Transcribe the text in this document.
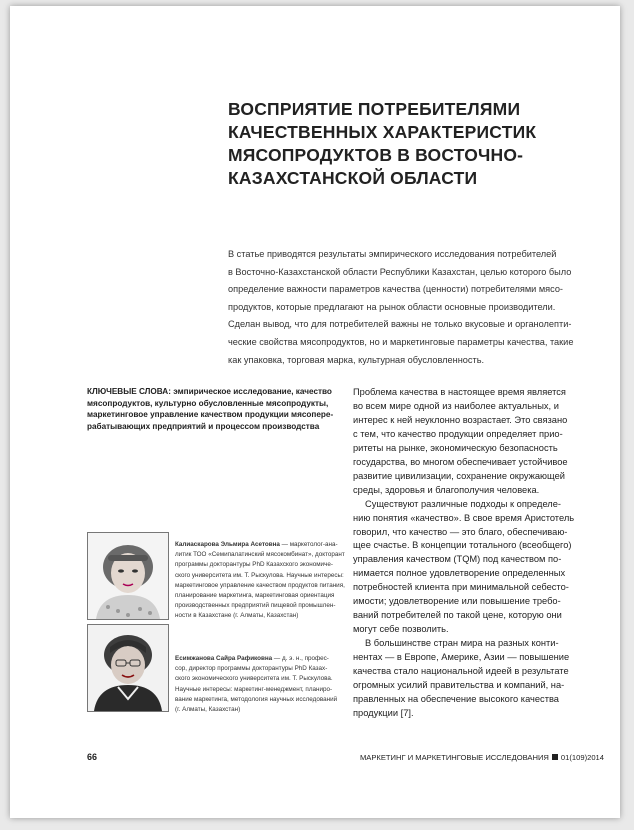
ВОСПРИЯТИЕ ПОТРЕБИТЕЛЯМИ
КАЧЕСТВЕННЫХ ХАРАКТЕРИСТИК
МЯСОПРОДУКТОВ В ВОСТОЧНО-
КАЗАХСТАНСКОЙ ОБЛАСТИ
В статье приводятся результаты эмпирического исследования потребителей
в Восточно-Казахстанской области Республики Казахстан, целью которого было
определение важности параметров качества (ценности) потребителями мясо-
продуктов, которые предлагают на рынок области основные производители.
Сделан вывод, что для потребителей важны не только вкусовые и органолепти-
ческие свойства мясопродуктов, но и маркетинговые параметры качества, такие
как упаковка, торговая марка, культурная обусловленность.
КЛЮЧЕВЫЕ СЛОВА: эмпирическое исследование, качество
мясопродуктов, культурно обусловленные мясопродукты,
маркетинговое управление качеством продукции мясопере-
рабатывающих предприятий и процессом производства
Проблема качества в настоящее время является
во всем мире одной из наиболее актуальных, и
интерес к ней неуклонно возрастает. Это связано
с тем, что качество продукции определяет прио-
ритеты на рынке, экономическую безопасность
государства, во многом обеспечивает устойчивое
развитие цивилизации, сохранение окружающей
среды, здоровья и благополучия человека.
Существуют различные подходы к определе-
нию понятия «качество». В свое время Аристотель
говорил, что качество — это благо, обеспечиваю-
щее счастье. В концепции тотального (всеобщего)
управления качеством (TQM) под качеством по-
нимается полное удовлетворение определенных
потребностей клиента при минимальной себесто-
имости; удовлетворение или повышение требо-
ваний потребителей по такой цене, которую они
могут себе позволить.
В большинстве стран мира на разных конти-
нентах — в Европе, Америке, Азии — повышение
качества стало национальной идеей в результате
огромных усилий правительства и компаний, на-
правленных на обеспечение высокого качества
продукции [7].
Калиаскарова Эльмира Асетовна — маркетолог-ана-
литик ТОО «Семипалатинский мясокомбинат», докторант
программы докторантуры PhD Казахского экономиче-
ского университета им. Т. Рыскулова. Научные интересы:
маркетинговое управление качеством продуктов питания,
планирование маркетинга, маркетинговая ориентация
производственных предприятий пищевой промышлен-
ности в Казахстане (г. Алматы, Казахстан)
Есимжанова Сайра Рафиковна — д. э. н., профес-
сор, директор программы докторантуры PhD Казах-
ского экономического университета им. Т. Рыскулова.
Научные интересы: маркетинг-менеджмент, планиро-
вание маркетинга, методология научных исследований
(г. Алматы, Казахстан)
66	МАРКЕТИНГ И МАРКЕТИНГОВЫЕ ИССЛЕДОВАНИЯ 01(109)2014
